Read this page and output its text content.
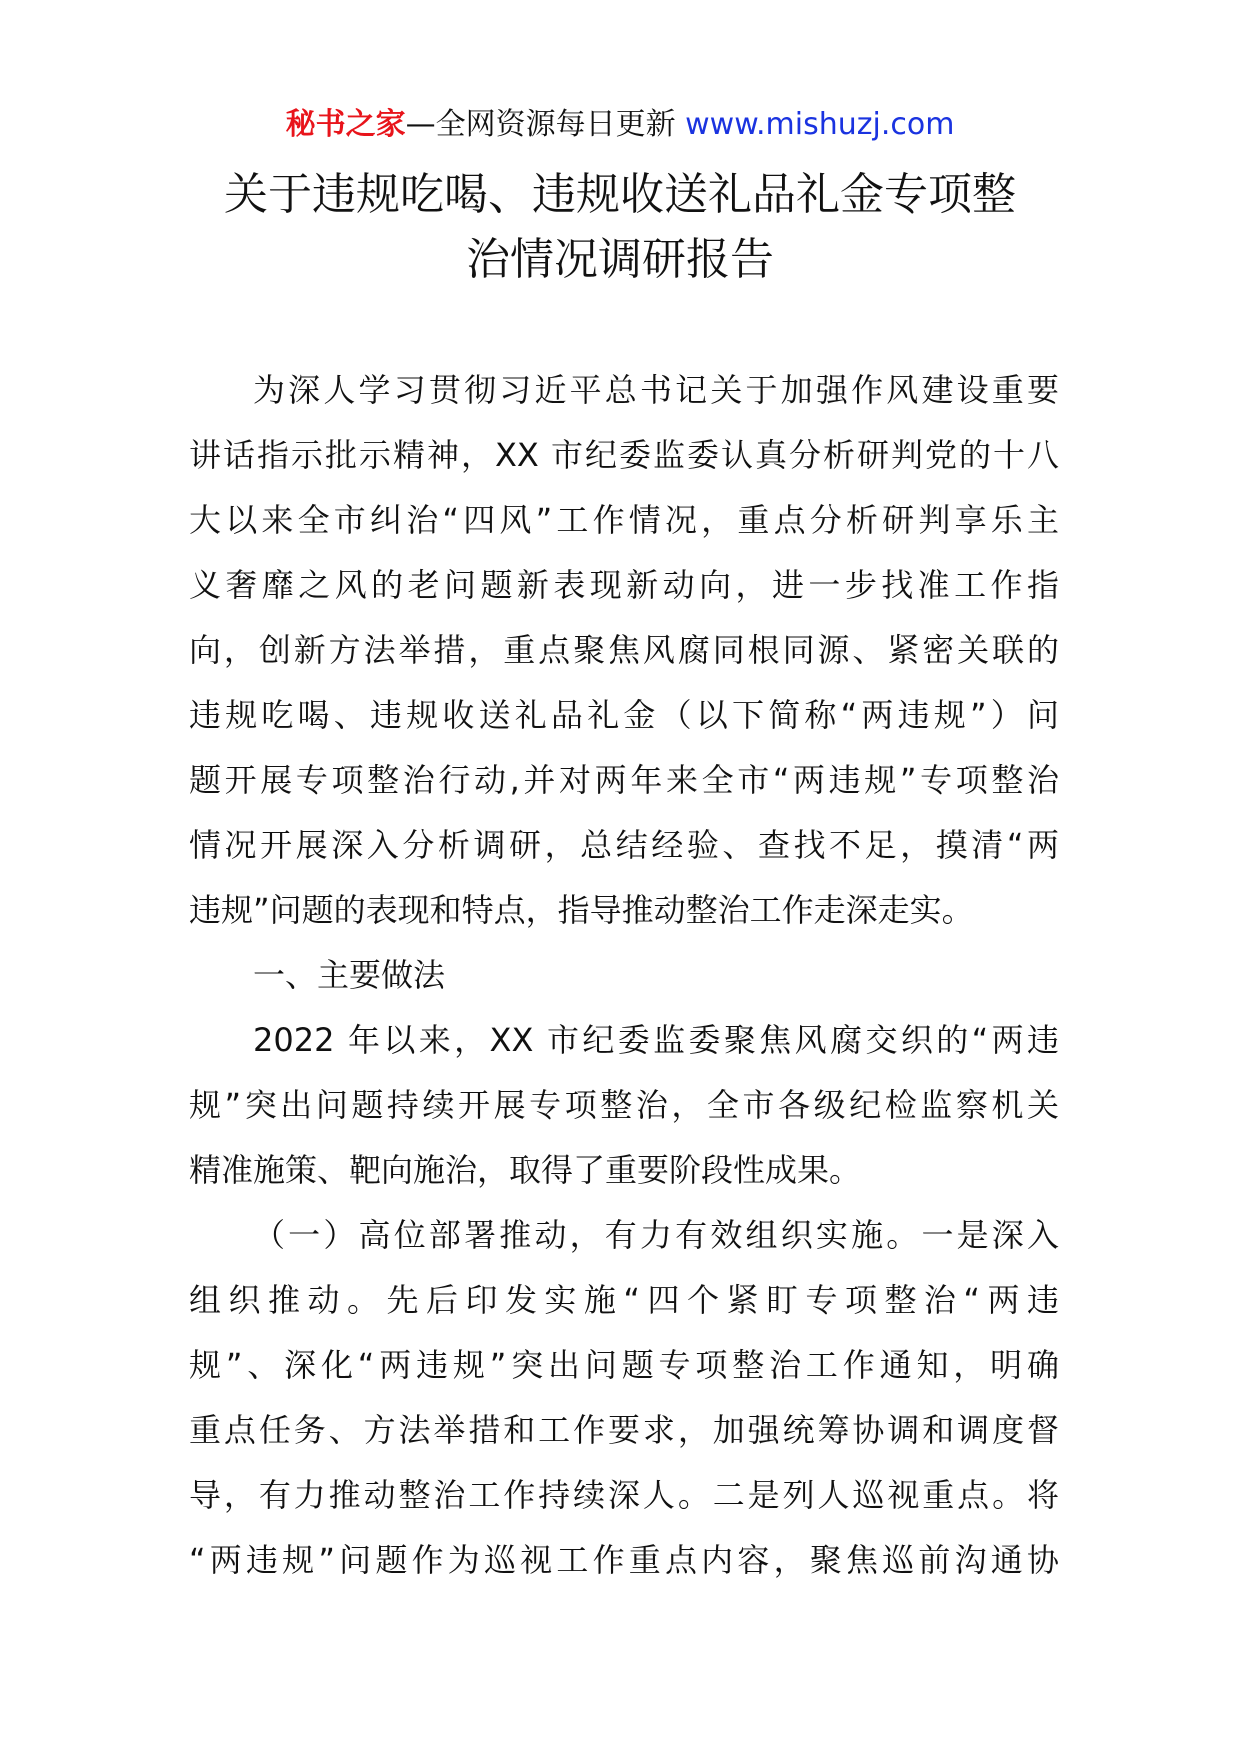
秘书之家—全网资源每日更新 www.mishuzj.com
关于违规吃喝、违规收送礼品礼金专项整
治情况调研报告
为深人学习贯彻习近平总书记关于加强作风建设重要
讲话指示批示精神，XX 市纪委监委认真分析研判党的十八
大以来全市纠治“四风”工作情况，重点分析研判享乐主
义奢靡之风的老问题新表现新动向，进一步找准工作指
向，创新方法举措，重点聚焦风腐同根同源、紧密关联的
违规吃喝、违规收送礼品礼金（以下简称“两违规”）问
题开展专项整治行动,并对两年来全市“两违规”专项整治
情况开展深入分析调研，总结经验、查找不足，摸清“两
违规”问题的表现和特点，指导推动整治工作走深走实。
一、主要做法
2022 年以来，XX 市纪委监委聚焦风腐交织的“两违
规”突出问题持续开展专项整治，全市各级纪检监察机关
精准施策、靶向施治，取得了重要阶段性成果。
（一）高位部署推动，有力有效组织实施。一是深入
组织推动。先后印发实施“四个紧盯专项整治“两违
规”、深化“两违规”突出问题专项整治工作通知，明确
重点任务、方法举措和工作要求，加强统筹协调和调度督
导，有力推动整治工作持续深人。二是列人巡视重点。将
“两违规”问题作为巡视工作重点内容，聚焦巡前沟通协
